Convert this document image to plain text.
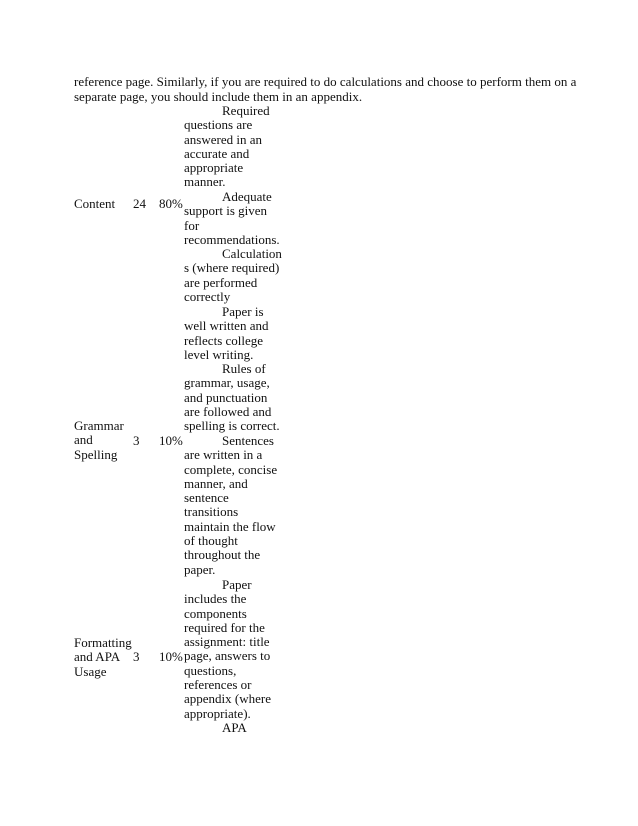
reference page. Similarly, if you are required to do calculations and choose to perform them on a
separate page, you should include them in an appendix.

Required
questions are
answered in an
accurate and
appropriate
manner.
Adequate
support is given
for
recommendations.
Calculation
s (where required)
are performed
correctly
Content 24 80%
Paper is
well written and
reflects college
level writing.
Rules of
grammar, usage,
and punctuation
are followed and
spelling is correct.
Sentences
are written in a
complete, concise
manner, and
sentence
transitions
maintain the flow
of thought
throughout the
paper.
Grammar
and
Spelling
3 10%
Paper
includes the
components
required for the
assignment: title
page, answers to
questions,
references or
appendix (where
appropriate).
APA
Formatting
and APA
Usage
3 10%
